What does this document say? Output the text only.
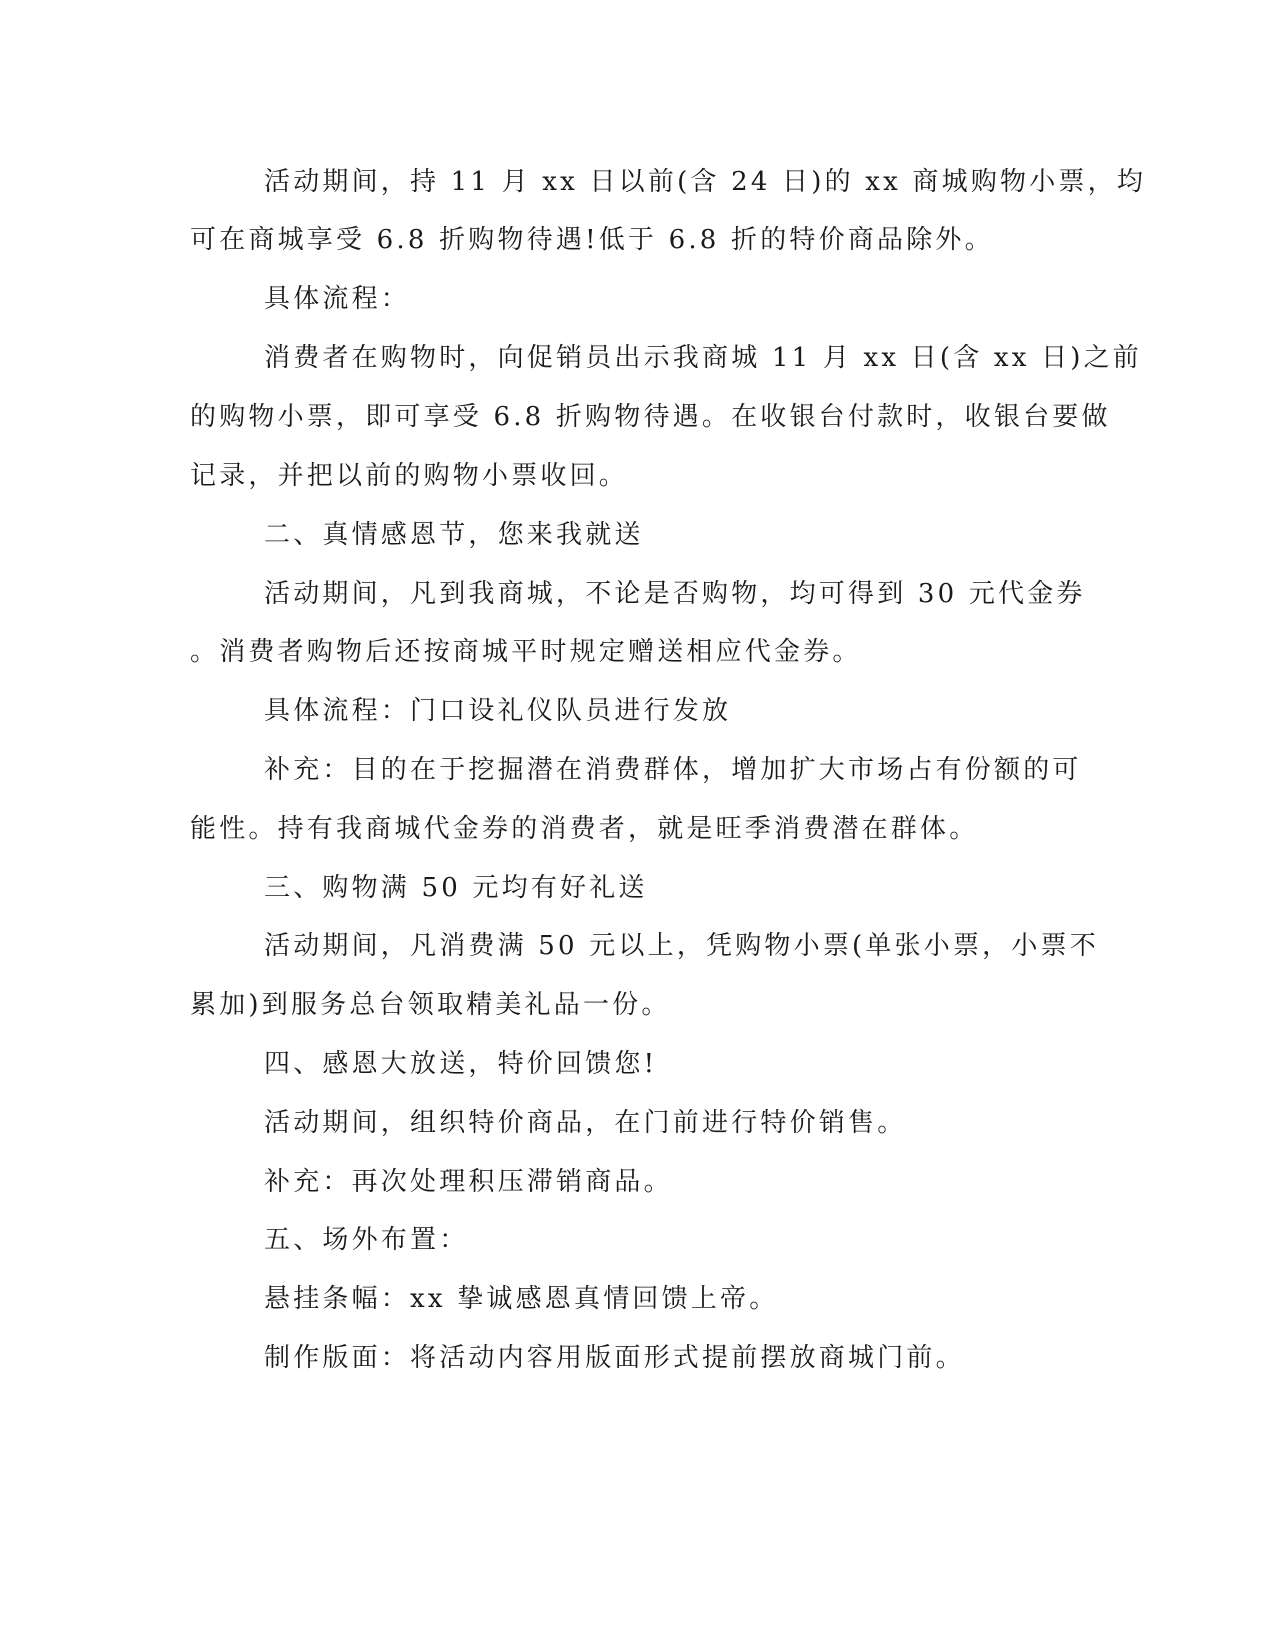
活动期间，持 11 月 xx 日以前(含 24 日)的 xx 商城购物小票，均
可在商城享受 6.8 折购物待遇!低于 6.8 折的特价商品除外。
具体流程：
消费者在购物时，向促销员出示我商城 11 月 xx 日(含 xx 日)之前
的购物小票，即可享受 6.8 折购物待遇。在收银台付款时，收银台要做
记录，并把以前的购物小票收回。
二、真情感恩节，您来我就送
活动期间，凡到我商城，不论是否购物，均可得到 30 元代金券
。消费者购物后还按商城平时规定赠送相应代金券。
具体流程：门口设礼仪队员进行发放
补充：目的在于挖掘潜在消费群体，增加扩大市场占有份额的可
能性。持有我商城代金券的消费者，就是旺季消费潜在群体。
三、购物满 50 元均有好礼送
活动期间，凡消费满 50 元以上，凭购物小票(单张小票，小票不
累加)到服务总台领取精美礼品一份。
四、感恩大放送，特价回馈您!
活动期间，组织特价商品，在门前进行特价销售。
补充：再次处理积压滞销商品。
五、场外布置：
悬挂条幅：xx 挚诚感恩真情回馈上帝。
制作版面：将活动内容用版面形式提前摆放商城门前。
